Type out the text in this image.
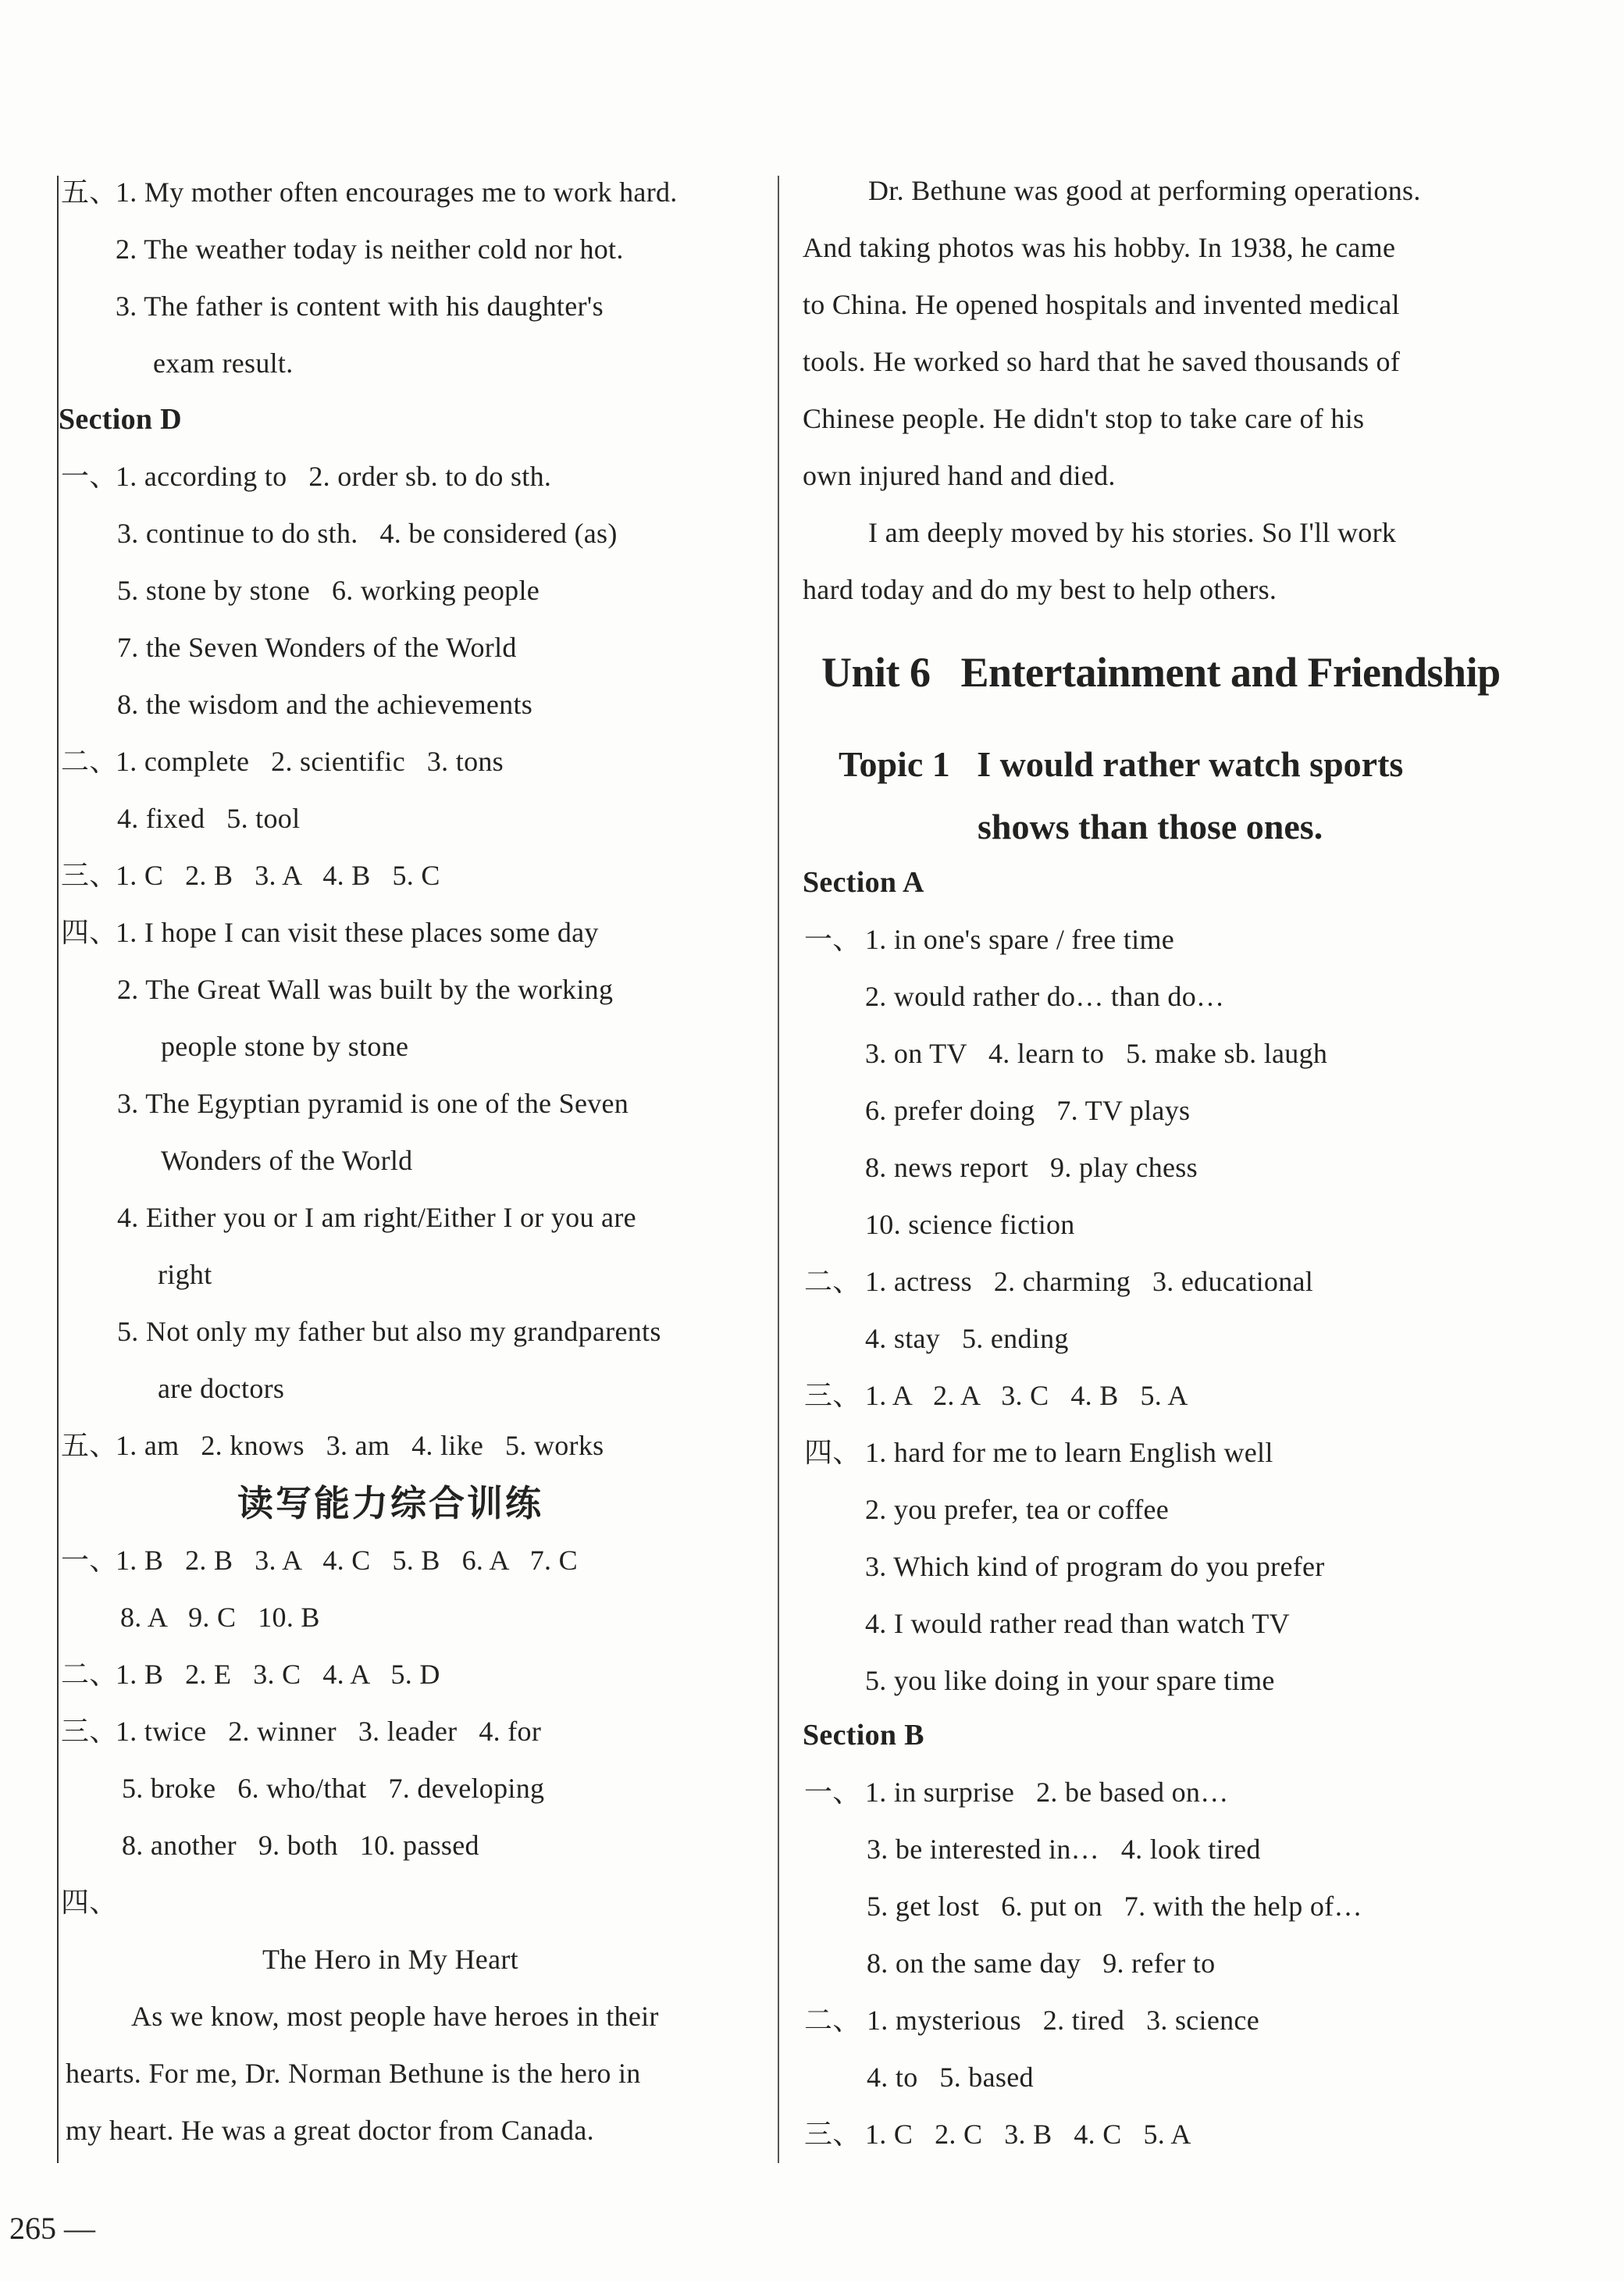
五、1. My mother often encourages me to work hard.
2. The weather today is neither cold nor hot.
3. The father is content with his daughter's
exam result.
Section D
一、1. according to   2. order sb. to do sth.
3. continue to do sth.   4. be considered (as)
5. stone by stone   6. working people
7. the Seven Wonders of the World
8. the wisdom and the achievements
二、1. complete   2. scientific   3. tons
4. fixed   5. tool
三、1. C   2. B   3. A   4. B   5. C
四、1. I hope I can visit these places some day
2. The Great Wall was built by the working
people stone by stone
3. The Egyptian pyramid is one of the Seven
Wonders of the World
4. Either you or I am right/Either I or you are
right
5. Not only my father but also my grandparents
are doctors
五、1. am   2. knows   3. am   4. like   5. works
读写能力综合训练
一、1. B   2. B   3. A   4. C   5. B   6. A   7. C
8. A   9. C   10. B
二、1. B   2. E   3. C   4. A   5. D
三、1. twice   2. winner   3. leader   4. for
5. broke   6. who/that   7. developing
8. another   9. both   10. passed
四、
The Hero in My Heart
As we know, most people have heroes in their
hearts. For me, Dr. Norman Bethune is the hero in
my heart. He was a great doctor from Canada.
Dr. Bethune was good at performing operations.
And taking photos was his hobby. In 1938, he came
to China. He opened hospitals and invented medical
tools. He worked so hard that he saved thousands of
Chinese people. He didn't stop to take care of his
own injured hand and died.
I am deeply moved by his stories. So I'll work
hard today and do my best to help others.
Unit 6   Entertainment and Friendship
Topic 1   I would rather watch sports
shows than those ones.
Section A
一、 1. in one's spare / free time
2. would rather do… than do…
3. on TV   4. learn to   5. make sb. laugh
6. prefer doing   7. TV plays
8. news report   9. play chess
10. science fiction
二、 1. actress   2. charming   3. educational
4. stay   5. ending
三、 1. A   2. A   3. C   4. B   5. A
四、 1. hard for me to learn English well
2. you prefer, tea or coffee
3. Which kind of program do you prefer
4. I would rather read than watch TV
5. you like doing in your spare time
Section B
一、 1. in surprise   2. be based on…
3. be interested in…   4. look tired
5. get lost   6. put on   7. with the help of…
8. on the same day   9. refer to
二、 1. mysterious   2. tired   3. science
4. to   5. based
三、 1. C   2. C   3. B   4. C   5. A
265 —
